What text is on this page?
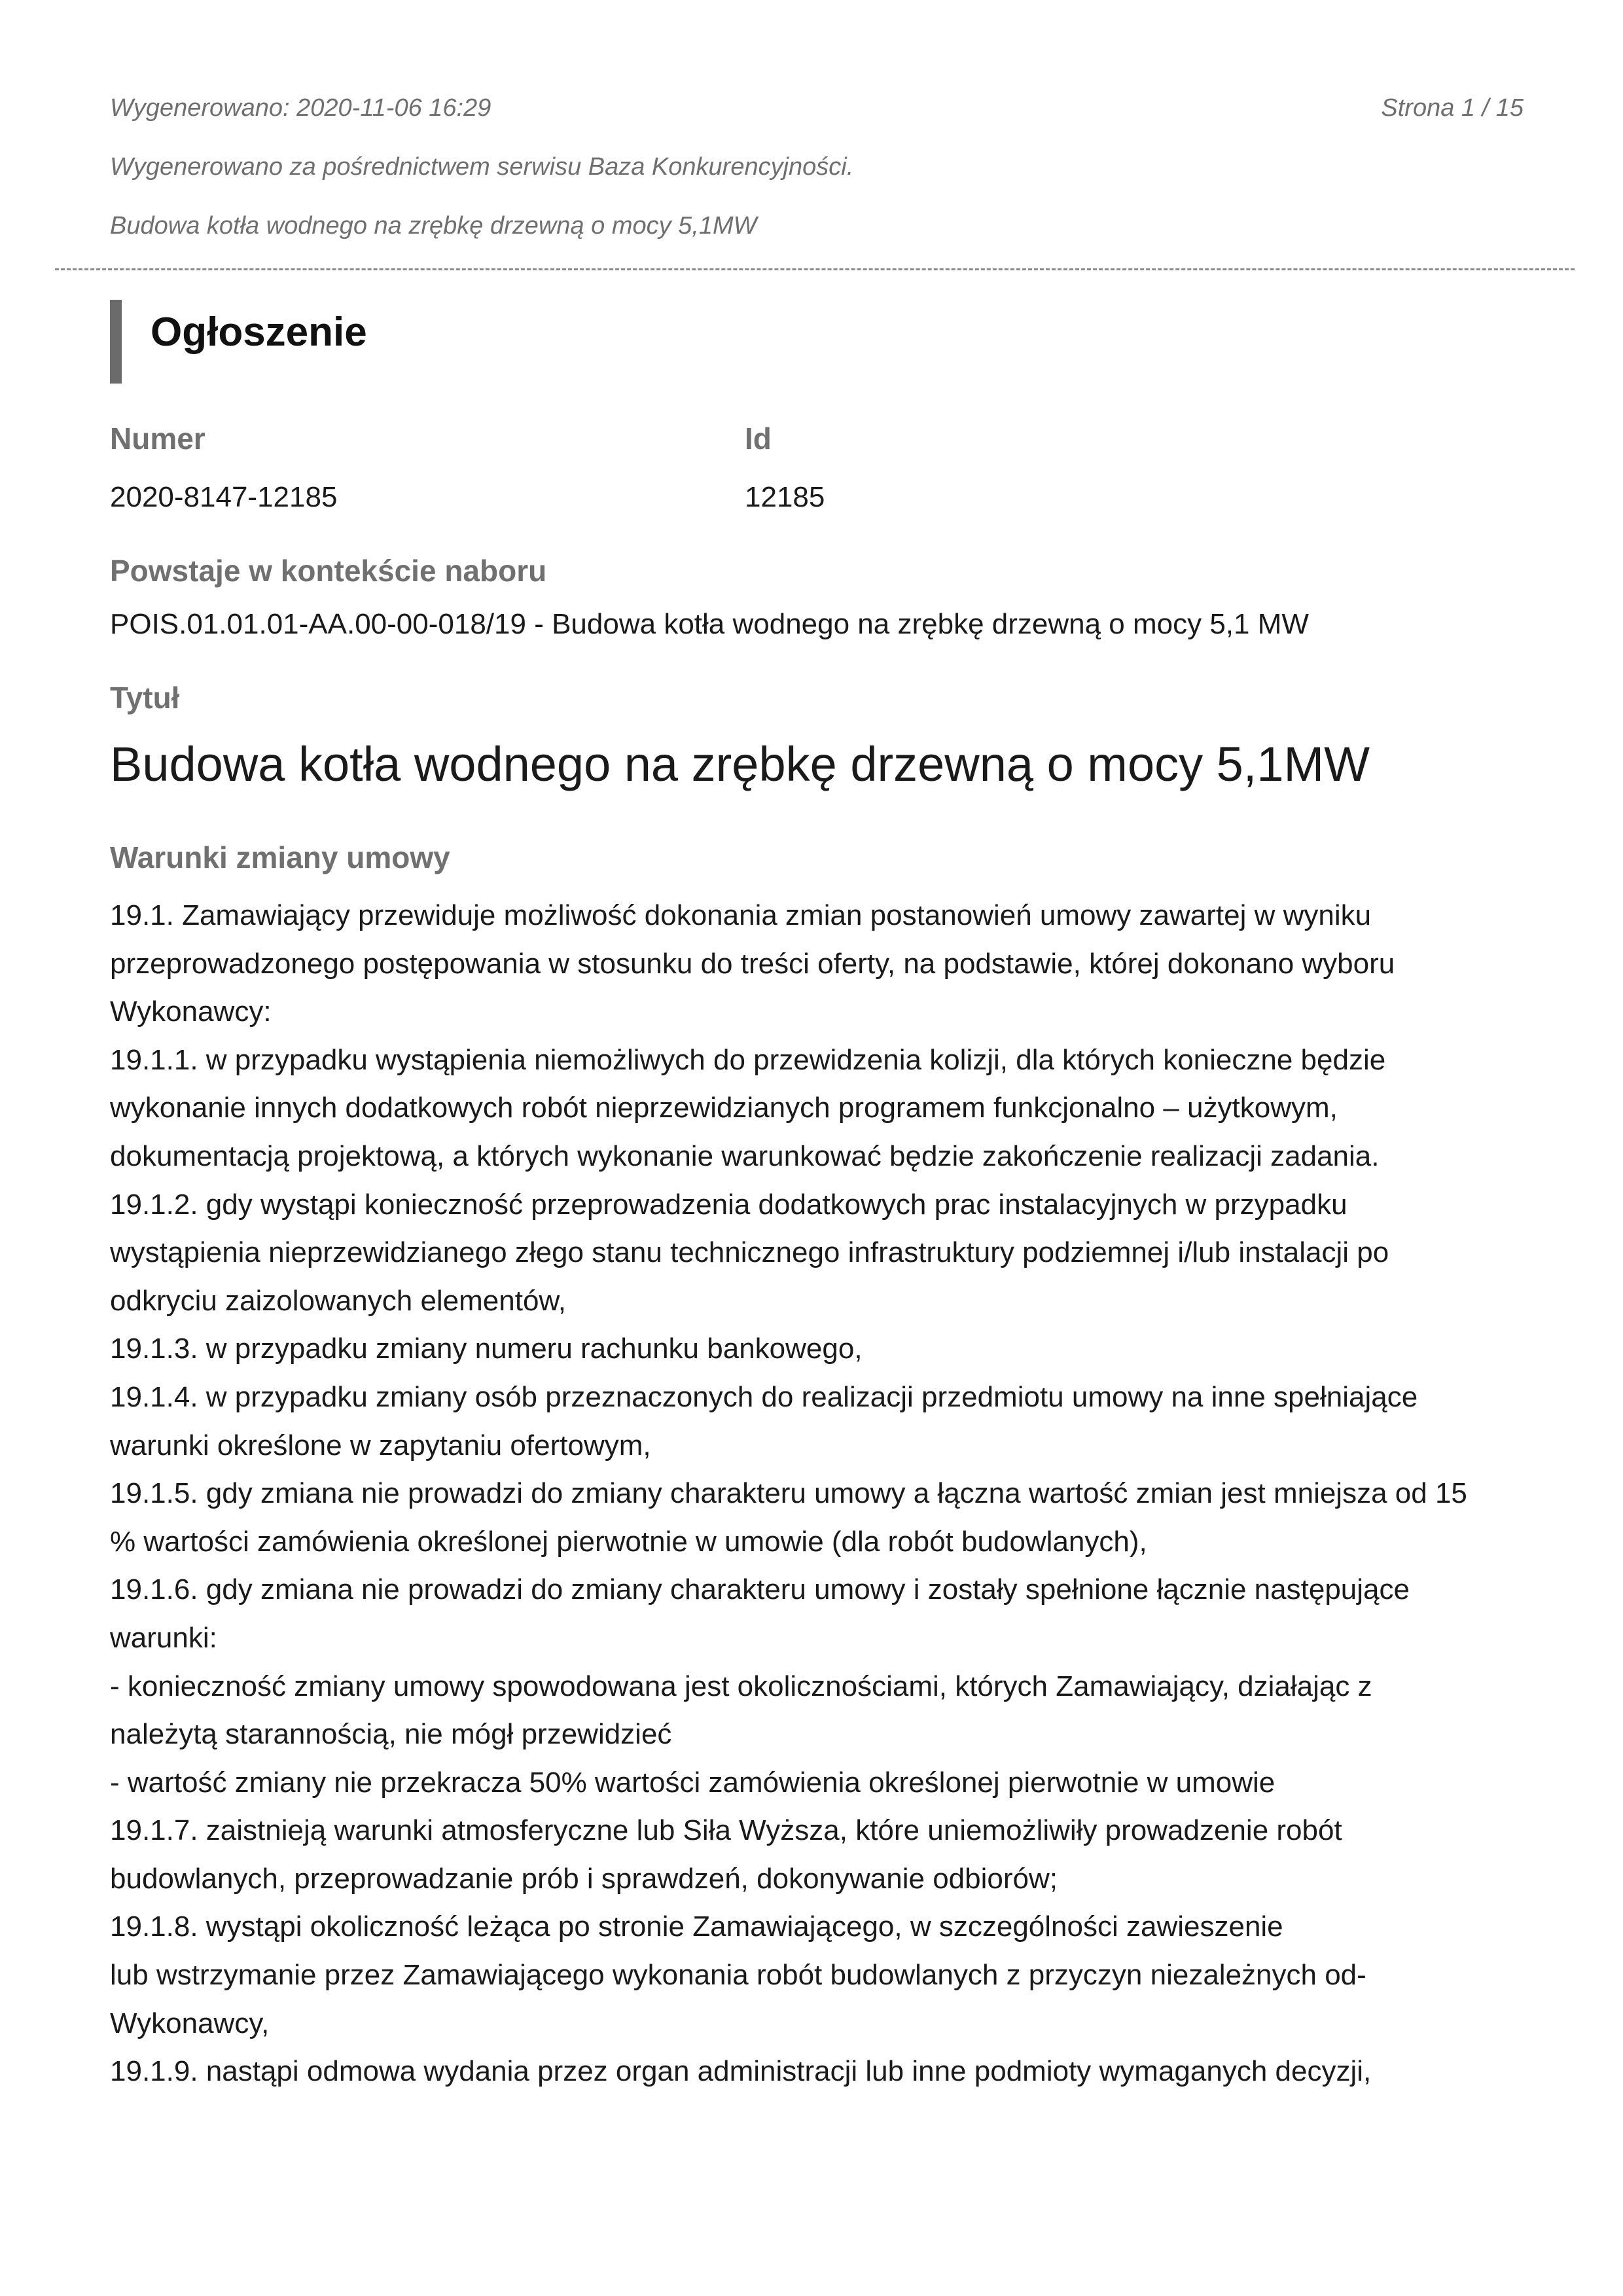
Wygenerowano: 2020-11-06 16:29	Strona 1 / 15
Wygenerowano za pośrednictwem serwisu Baza Konkurencyjności.
Budowa kotła wodnego na zrębkę drzewną o mocy 5,1MW
Ogłoszenie
Numer
2020-8147-12185
Id
12185
Powstaje w kontekście naboru
POIS.01.01.01-AA.00-00-018/19 - Budowa kotła wodnego na zrębkę drzewną o mocy 5,1 MW
Tytuł
Budowa kotła wodnego na zrębkę drzewną o mocy 5,1MW
Warunki zmiany umowy
19.1. Zamawiający przewiduje możliwość dokonania zmian postanowień umowy zawartej w wyniku
przeprowadzonego postępowania w stosunku do treści oferty, na podstawie, której dokonano wyboru
Wykonawcy:
19.1.1. w przypadku wystąpienia niemożliwych do przewidzenia kolizji, dla których konieczne będzie
wykonanie innych dodatkowych robót nieprzewidzianych programem funkcjonalno – użytkowym,
dokumentacją projektową, a których wykonanie warunkować będzie zakończenie realizacji zadania.
19.1.2. gdy wystąpi konieczność przeprowadzenia dodatkowych prac instalacyjnych w przypadku
wystąpienia nieprzewidzianego złego stanu technicznego infrastruktury podziemnej i/lub instalacji po
odkryciu zaizolowanych elementów,
19.1.3. w przypadku zmiany numeru rachunku bankowego,
19.1.4. w przypadku zmiany osób przeznaczonych do realizacji przedmiotu umowy na inne spełniające
warunki określone w zapytaniu ofertowym,
19.1.5. gdy zmiana nie prowadzi do zmiany charakteru umowy a łączna wartość zmian jest mniejsza od 15
% wartości zamówienia określonej pierwotnie w umowie (dla robót budowlanych),
19.1.6. gdy zmiana nie prowadzi do zmiany charakteru umowy i zostały spełnione łącznie następujące
warunki:
- konieczność zmiany umowy spowodowana jest okolicznościami, których Zamawiający, działając z
należytą starannością, nie mógł przewidzieć
- wartość zmiany nie przekracza 50% wartości zamówienia określonej pierwotnie w umowie
19.1.7. zaistnieją warunki atmosferyczne lub Siła Wyższa, które uniemożliwiły prowadzenie robót
budowlanych, przeprowadzanie prób i sprawdzeń, dokonywanie odbiorów;
19.1.8. wystąpi okoliczność leżąca po stronie Zamawiającego, w szczególności zawieszenie
lub wstrzymanie przez Zamawiającego wykonania robót budowlanych z przyczyn niezależnych od-
Wykonawcy,
19.1.9. nastąpi odmowa wydania przez organ administracji lub inne podmioty wymaganych decyzji,
